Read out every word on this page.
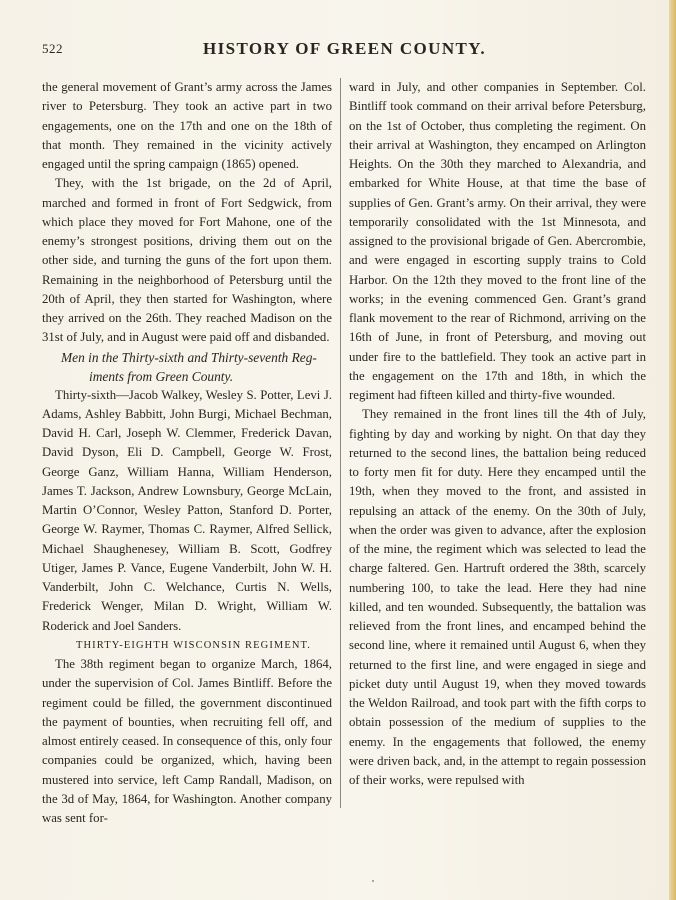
522	HISTORY OF GREEN COUNTY.

the general movement of Grant’s army across the James river to Petersburg. They took an active part in two engagements, one on the 17th and one on the 18th of that month. They remained in the vicinity actively engaged until the spring campaign (1865) opened.

They, with the 1st brigade, on the 2d of April, marched and formed in front of Fort Sedgwick, from which place they moved for Fort Mahone, one of the enemy’s strongest positions, driving them out on the other side, and turning the guns of the fort upon them. Remaining in the neighborhood of Petersburg until the 20th of April, they then started for Washington, where they arrived on the 26th. They reached Madison on the 31st of July, and in August were paid off and disbanded.

Men in the Thirty-sixth and Thirty-seventh Reg-
iments from Green County.

Thirty-sixth—Jacob Walkey, Wesley S. Potter, Levi J. Adams, Ashley Babbitt, John Burgi, Michael Bechman, David H. Carl, Joseph W. Clemmer, Frederick Davan, David Dyson, Eli D. Campbell, George W. Frost, George Ganz, William Hanna, William Henderson, James T. Jackson, Andrew Lownsbury, George McLain, Martin O’Connor, Wesley Patton, Stanford D. Porter, George W. Raymer, Thomas C. Raymer, Alfred Sellick, Michael Shaughenesey, William B. Scott, Godfrey Utiger, James P. Vance, Eugene Vanderbilt, John W. H. Vanderbilt, John C. Welchance, Curtis N. Wells, Frederick Wenger, Milan D. Wright, William W. Roderick and Joel Sanders.

THIRTY-EIGHTH WISCONSIN REGIMENT.

The 38th regiment began to organize March, 1864, under the supervision of Col. James Bintliff. Before the regiment could be filled, the government discontinued the payment of bounties, when recruiting fell off, and almost entirely ceased. In consequence of this, only four companies could be organized, which, having been mustered into service, left Camp Randall, Madison, on the 3d of May, 1864, for Washington. Another company was sent for-

ward in July, and other companies in September. Col. Bintliff took command on their arrival before Petersburg, on the 1st of October, thus completing the regiment. On their arrival at Washington, they encamped on Arlington Heights. On the 30th they marched to Alexandria, and embarked for White House, at that time the base of supplies of Gen. Grant’s army. On their arrival, they were temporarily consolidated with the 1st Minnesota, and assigned to the provisional brigade of Gen. Abercrombie, and were engaged in escorting supply trains to Cold Harbor. On the 12th they moved to the front line of the works; in the evening commenced Gen. Grant’s grand flank movement to the rear of Richmond, arriving on the 16th of June, in front of Petersburg, and moving out under fire to the battlefield. They took an active part in the engagement on the 17th and 18th, in which the regiment had fifteen killed and thirty-five wounded.

They remained in the front lines till the 4th of July, fighting by day and working by night. On that day they returned to the second lines, the battalion being reduced to forty men fit for duty. Here they encamped until the 19th, when they moved to the front, and assisted in repulsing an attack of the enemy. On the 30th of July, when the order was given to advance, after the explosion of the mine, the regiment which was selected to lead the charge faltered. Gen. Hartruft ordered the 38th, scarcely numbering 100, to take the lead. Here they had nine killed, and ten wounded. Subsequently, the battalion was relieved from the front lines, and encamped behind the second line, where it remained until August 6, when they returned to the first line, and were engaged in siege and picket duty until August 19, when they moved towards the Weldon Railroad, and took part with the fifth corps to obtain possession of the medium of supplies to the enemy. In the engagements that followed, the enemy were driven back, and, in the attempt to regain possession of their works, were repulsed with
